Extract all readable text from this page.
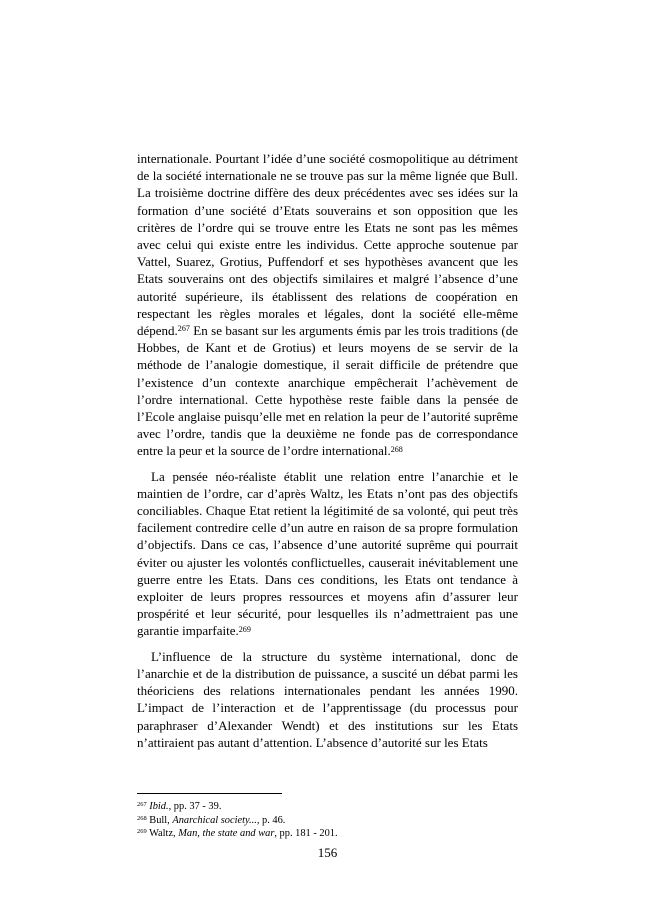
internationale. Pourtant l’idée d’une société cosmopolitique au détriment de la société internationale ne se trouve pas sur la même lignée que Bull. La troisième doctrine diffère des deux précédentes avec ses idées sur la formation d’une société d’Etats souverains et son opposition que les critères de l’ordre qui se trouve entre les Etats ne sont pas les mêmes avec celui qui existe entre les individus. Cette approche soutenue par Vattel, Suarez, Grotius, Puffendorf et ses hypothèses avancent que les Etats souverains ont des objectifs similaires et malgré l’absence d’une autorité supérieure, ils établissent des relations de coopération en respectant les règles morales et légales, dont la société elle-même dépend.$^{267}$ En se basant sur les arguments émis par les trois traditions (de Hobbes, de Kant et de Grotius) et leurs moyens de se servir de la méthode de l’analogie domestique, il serait difficile de prétendre que l’existence d’un contexte anarchique empêcherait l’achèvement de l’ordre international. Cette hypothèse reste faible dans la pensée de l’Ecole anglaise puisqu’elle met en relation la peur de l’autorité suprême avec l’ordre, tandis que la deuxième ne fonde pas de correspondance entre la peur et la source de l’ordre international.$^{268}$

La pensée néo-réaliste établit une relation entre l’anarchie et le maintien de l’ordre, car d’après Waltz, les Etats n’ont pas des objectifs conciliables. Chaque Etat retient la légitimité de sa volonté, qui peut très facilement contredire celle d’un autre en raison de sa propre formulation d’objectifs. Dans ce cas, l’absence d’une autorité suprême qui pourrait éviter ou ajuster les volontés conflictuelles, causerait inévitablement une guerre entre les Etats. Dans ces conditions, les Etats ont tendance à exploiter de leurs propres ressources et moyens afin d’assurer leur prospérité et leur sécurité, pour lesquelles ils n’admettraient pas une garantie imparfaite.$^{269}$

L’influence de la structure du système international, donc de l’anarchie et de la distribution de puissance, a suscité un débat parmi les théoriciens des relations internationales pendant les années 1990. L’impact de l’interaction et de l’apprentissage (du processus pour paraphraser d’Alexander Wendt) et des institutions sur les Etats n’attiraient pas autant d’attention. L’absence d’autorité sur les Etats

$^{267}$ Ibid., pp. 37 - 39.
$^{268}$ Bull, Anarchical society..., p. 46.
$^{269}$ Waltz, Man, the state and war, pp. 181 - 201.
156
